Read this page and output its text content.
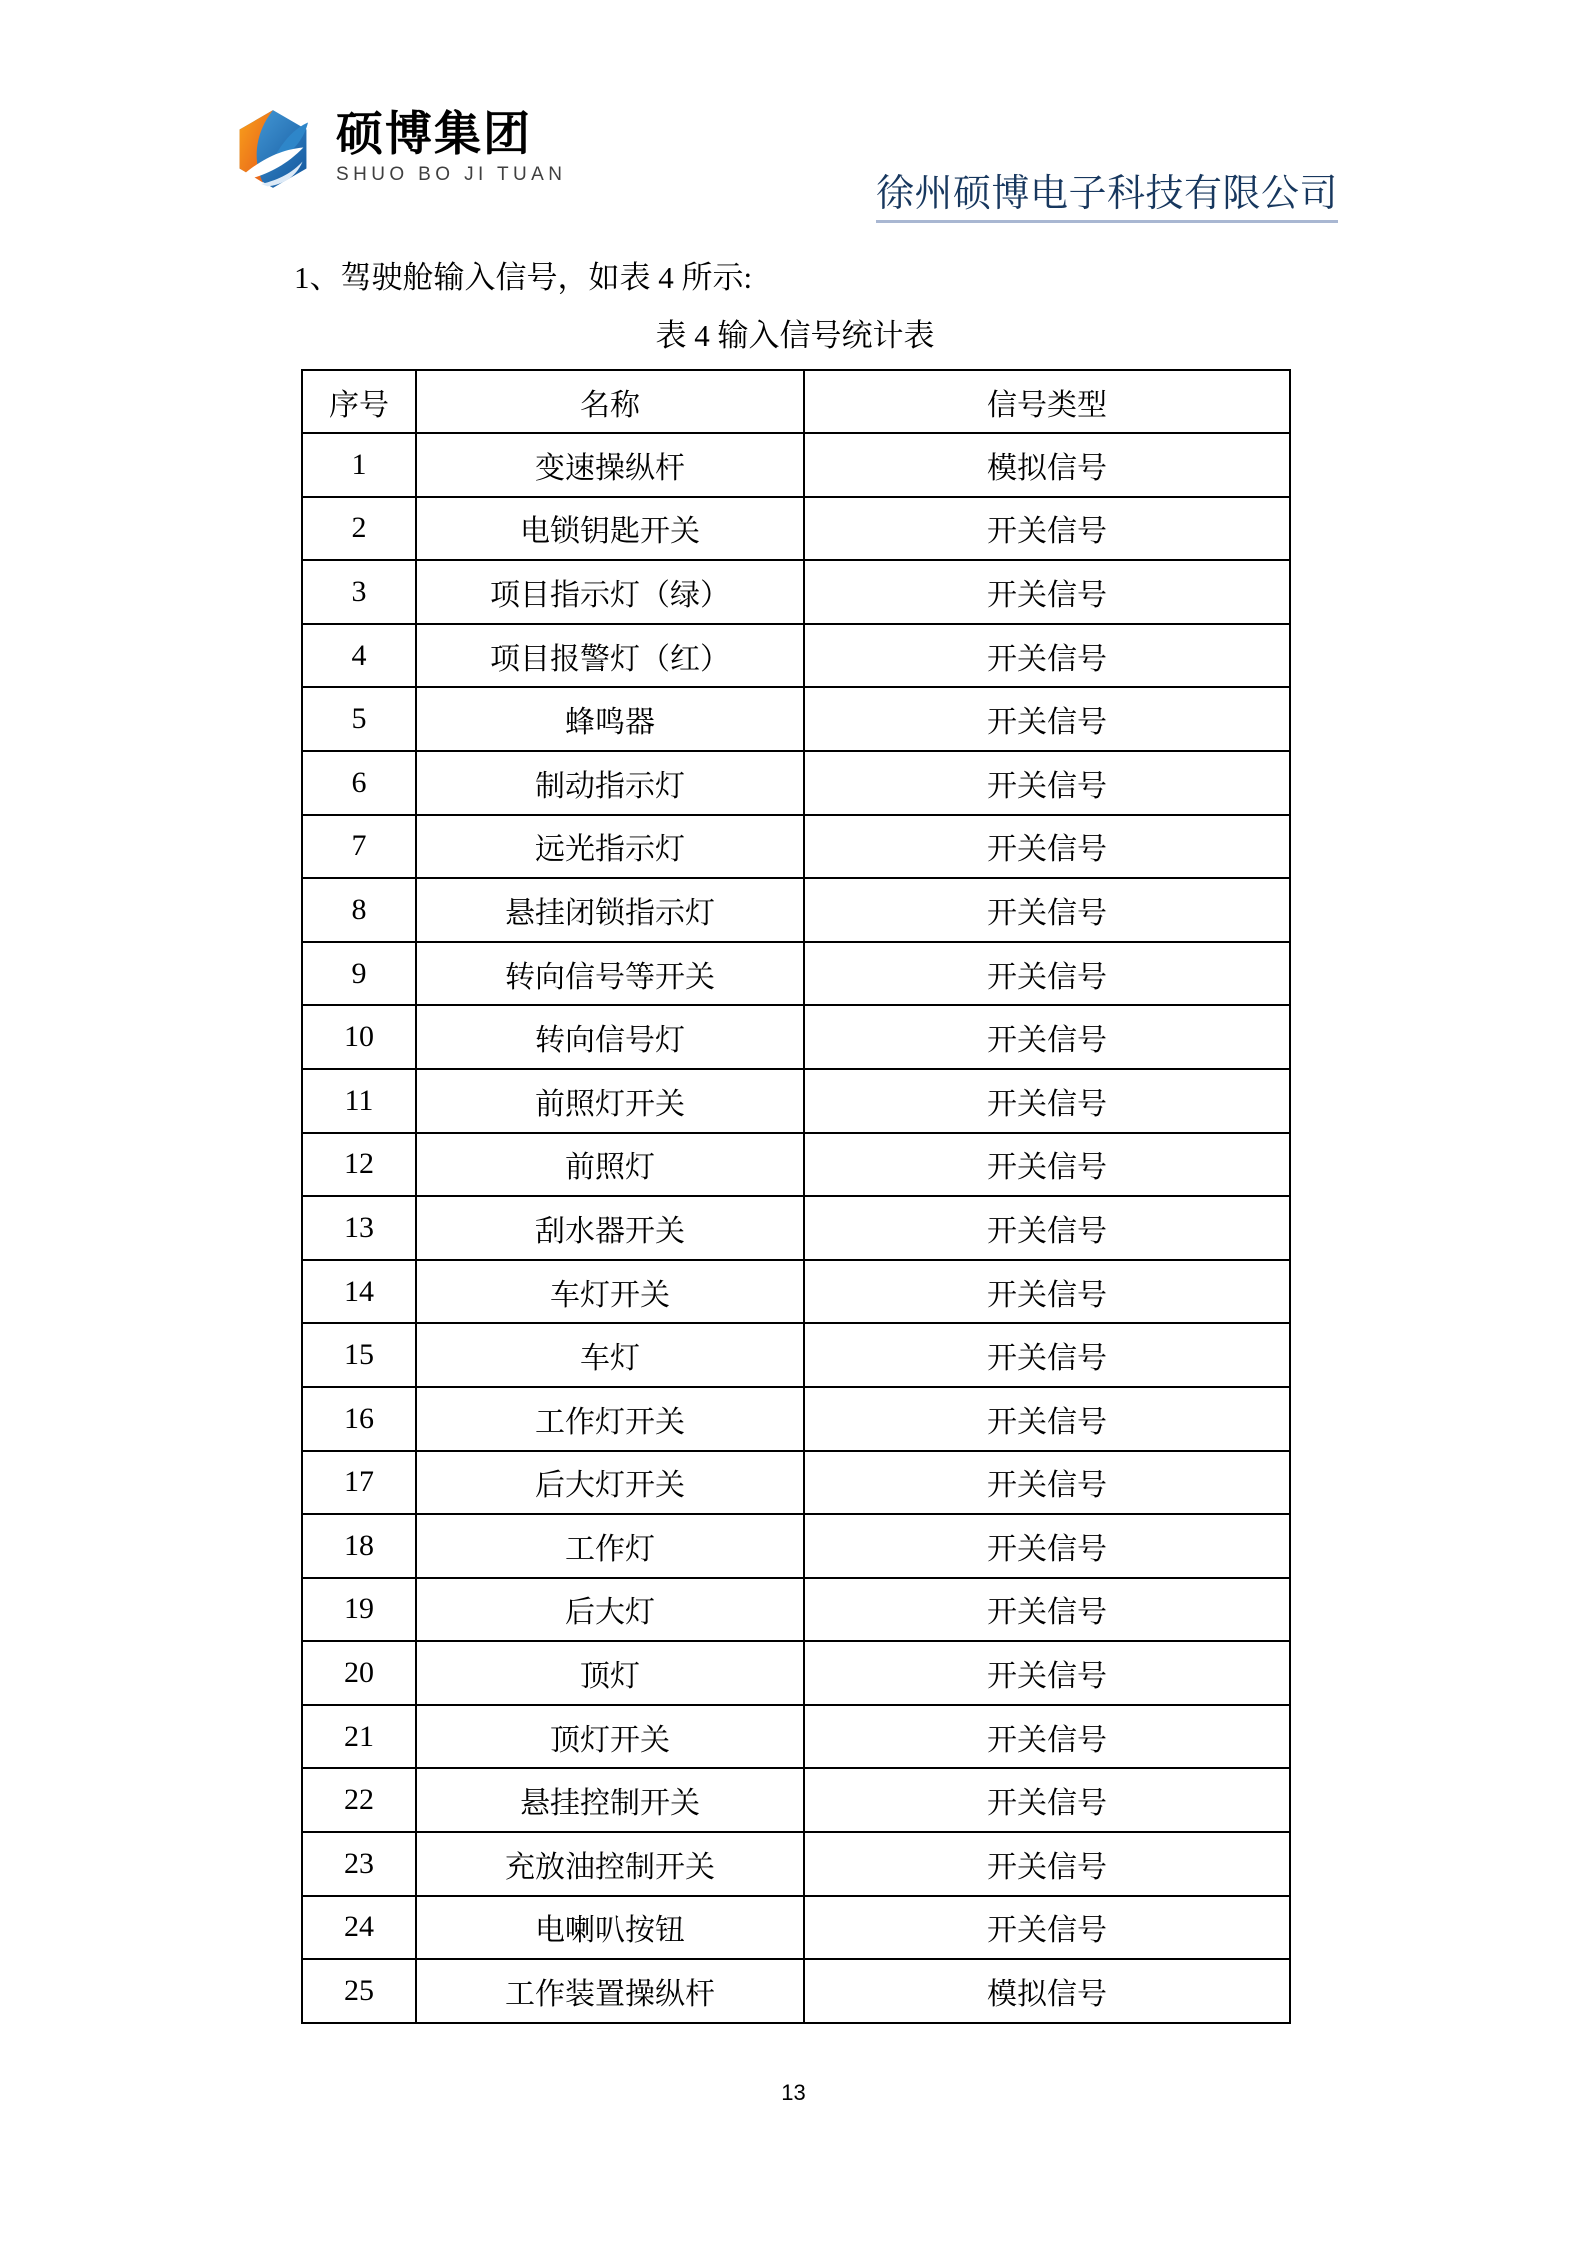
硕博集团
SHUO BO JI TUAN	徐州硕博电子科技有限公司

1、驾驶舱输入信号，如表 4 所示:

表 4 输入信号统计表
序号	名称	信号类型
1	变速操纵杆	模拟信号
2	电锁钥匙开关	开关信号
3	项目指示灯（绿）	开关信号
4	项目报警灯（红）	开关信号
5	蜂鸣器	开关信号
6	制动指示灯	开关信号
7	远光指示灯	开关信号
8	悬挂闭锁指示灯	开关信号
9	转向信号等开关	开关信号
10	转向信号灯	开关信号
11	前照灯开关	开关信号
12	前照灯	开关信号
13	刮水器开关	开关信号
14	车灯开关	开关信号
15	车灯	开关信号
16	工作灯开关	开关信号
17	后大灯开关	开关信号
18	工作灯	开关信号
19	后大灯	开关信号
20	顶灯	开关信号
21	顶灯开关	开关信号
22	悬挂控制开关	开关信号
23	充放油控制开关	开关信号
24	电喇叭按钮	开关信号
25	工作装置操纵杆	模拟信号
13
